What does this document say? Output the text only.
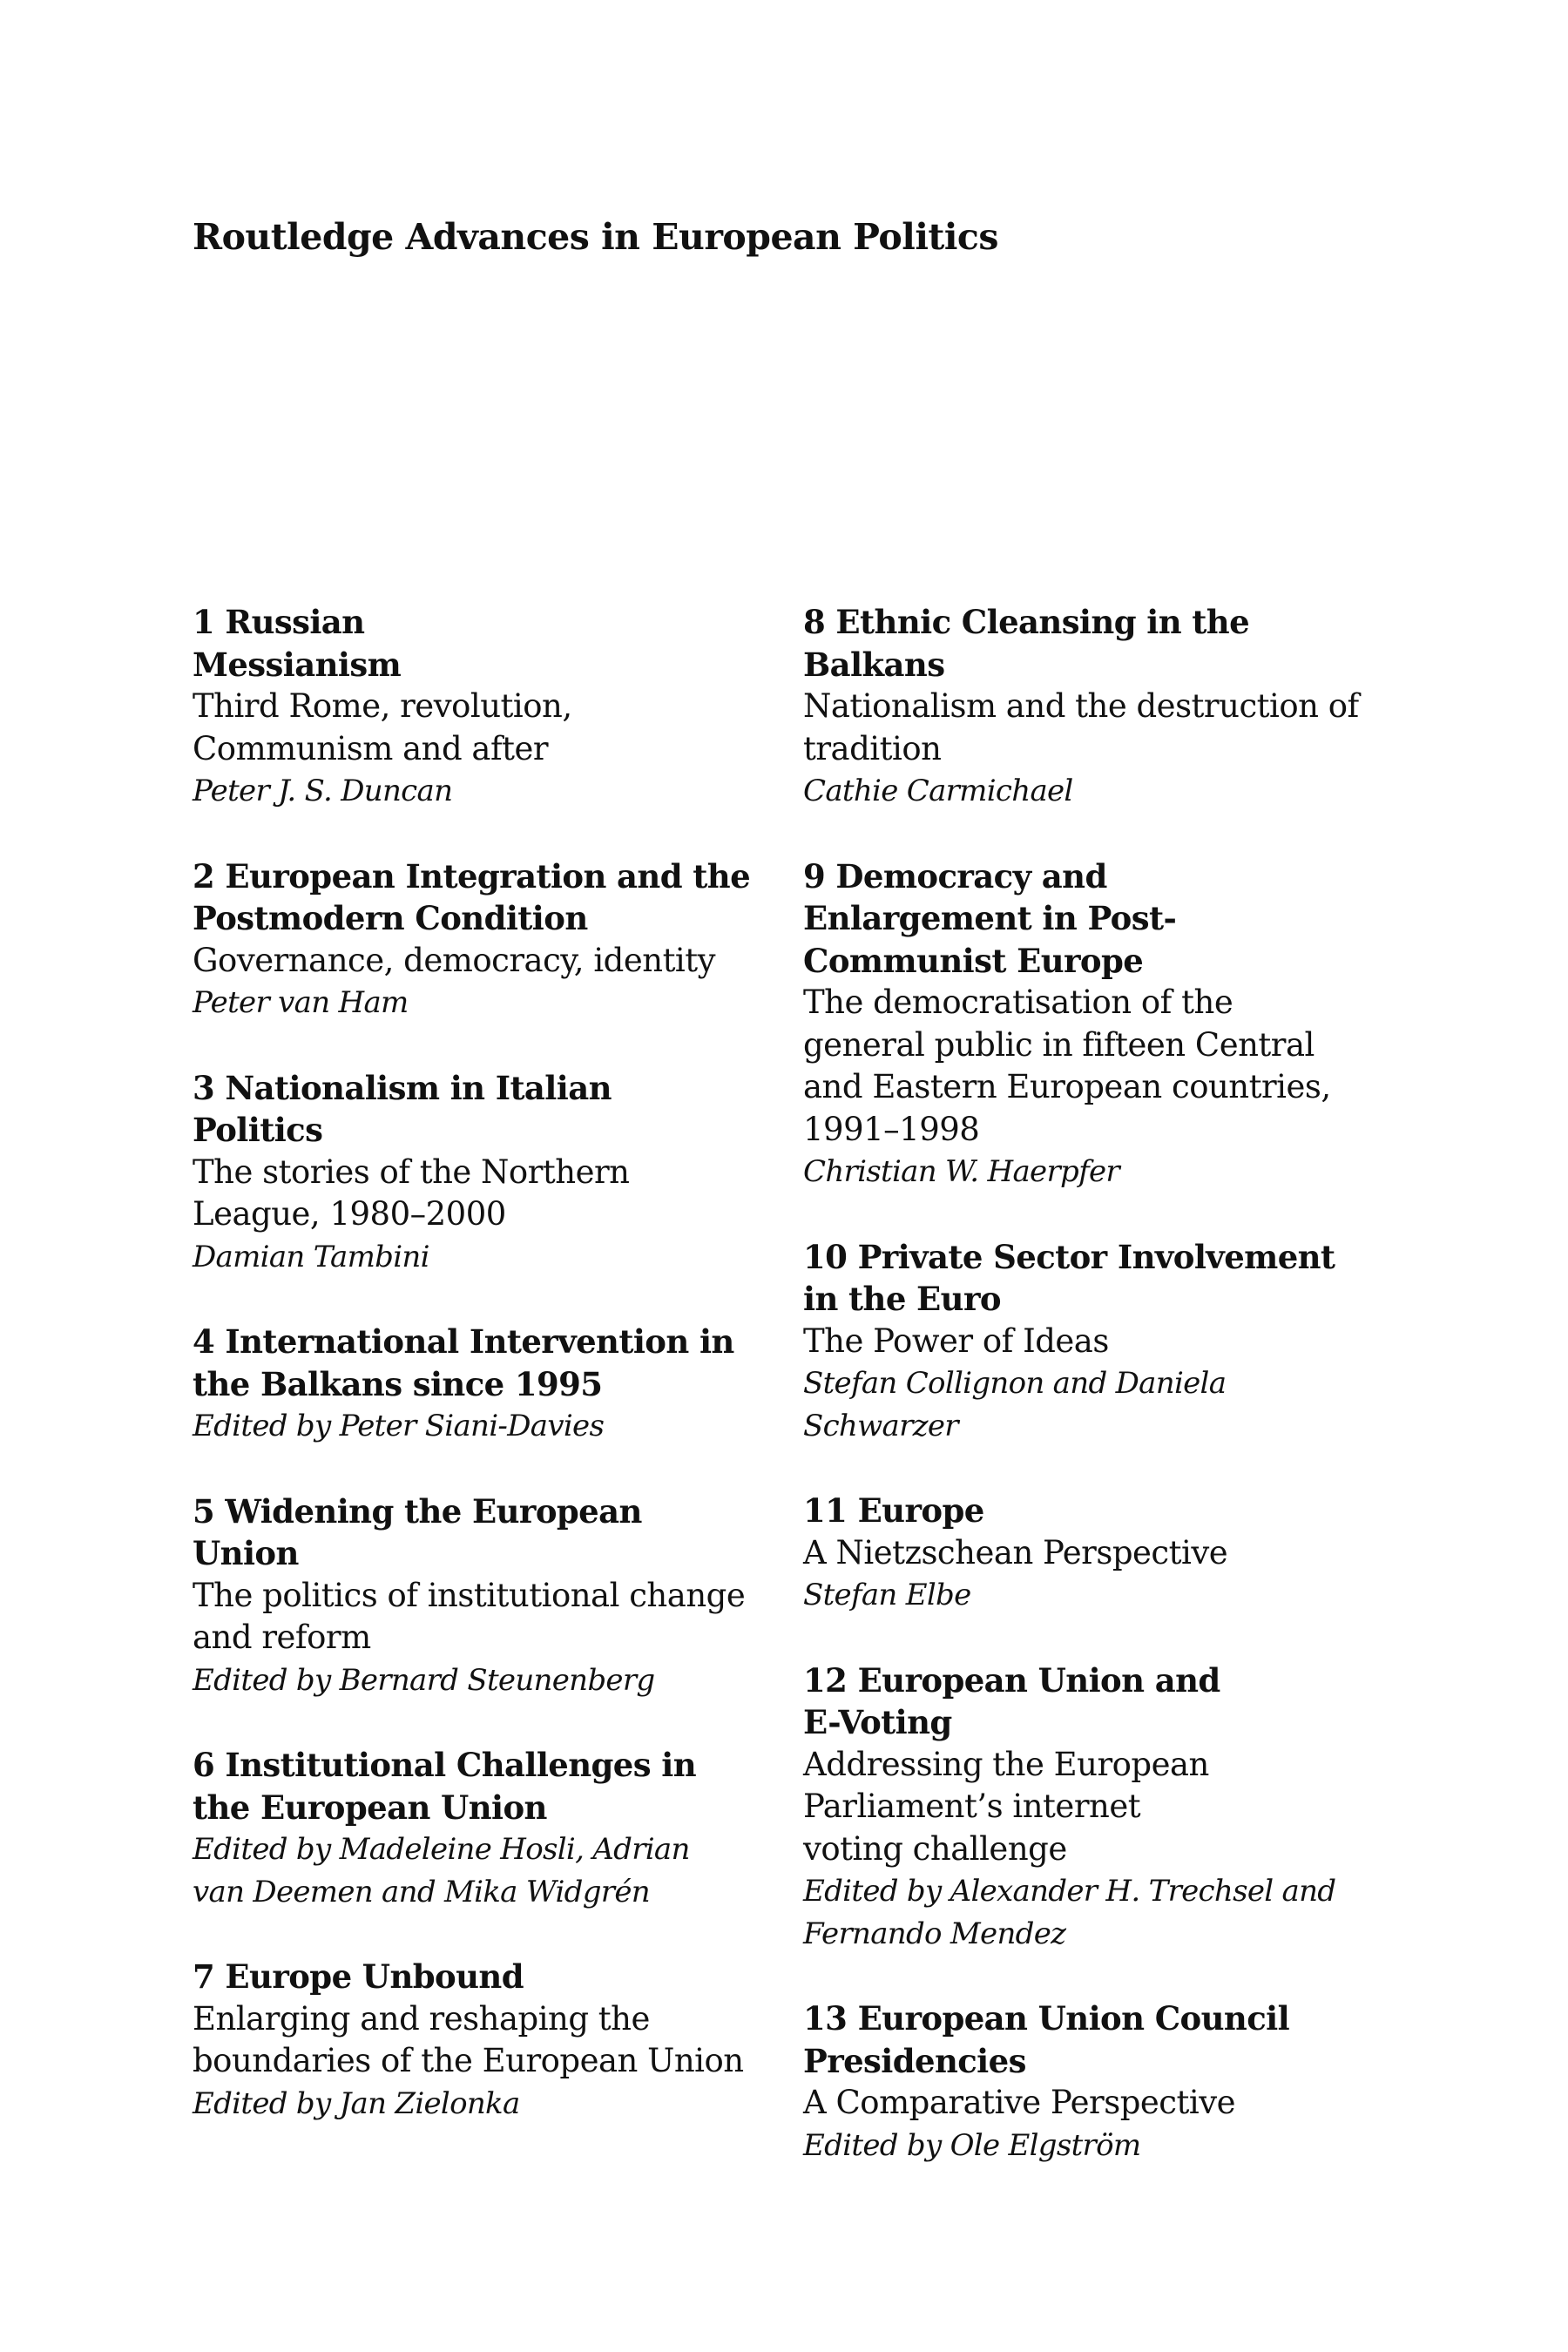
Routledge Advances in European Politics

1 Russian Messianism
Third Rome, revolution, Communism and after
Peter J. S. Duncan

2 European Integration and the Postmodern Condition
Governance, democracy, identity
Peter van Ham

3 Nationalism in Italian Politics
The stories of the Northern League, 1980–2000
Damian Tambini

4 International Intervention in the Balkans since 1995
Edited by Peter Siani-Davies

5 Widening the European Union
The politics of institutional change and reform
Edited by Bernard Steunenberg

6 Institutional Challenges in the European Union
Edited by Madeleine Hosli, Adrian van Deemen and Mika Widgrén

7 Europe Unbound
Enlarging and reshaping the boundaries of the European Union
Edited by Jan Zielonka

8 Ethnic Cleansing in the Balkans
Nationalism and the destruction of tradition
Cathie Carmichael

9 Democracy and Enlargement in Post-Communist Europe
The democratisation of the general public in fifteen Central and Eastern European countries, 1991–1998
Christian W. Haerpfer

10 Private Sector Involvement in the Euro
The Power of Ideas
Stefan Collignon and Daniela Schwarzer

11 Europe
A Nietzschean Perspective
Stefan Elbe

12 European Union and E-Voting
Addressing the European Parliament’s internet voting challenge
Edited by Alexander H. Trechsel and Fernando Mendez

13 European Union Council Presidencies
A Comparative Perspective
Edited by Ole Elgström
